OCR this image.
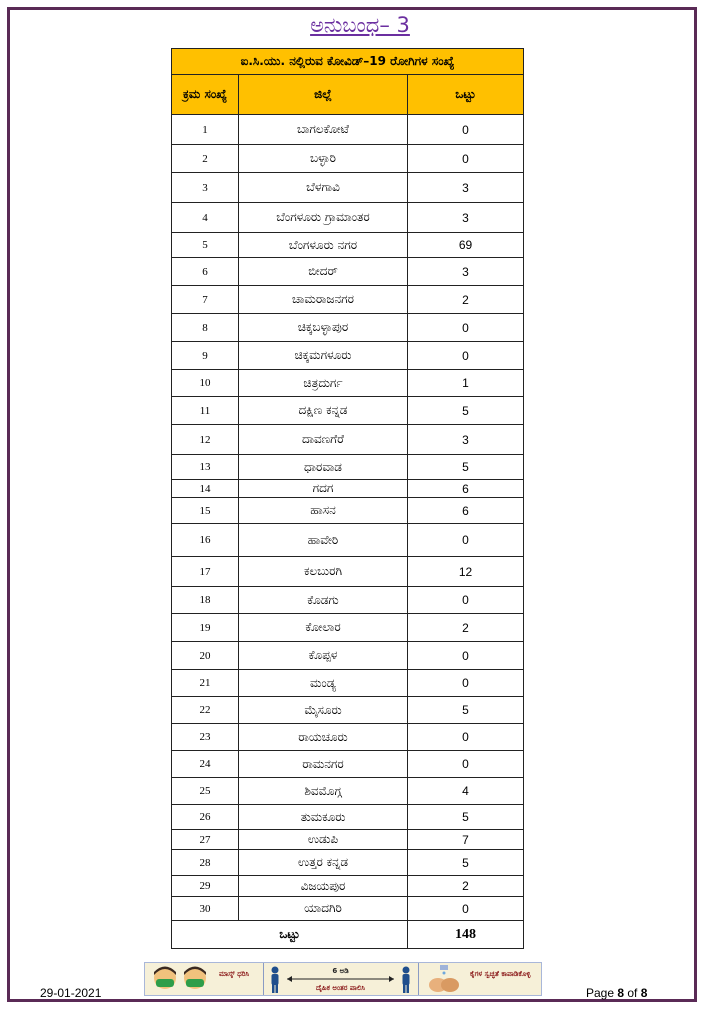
ಅನುಬಂಧ– 3
ಐ.ಸಿ.ಯು. ನಲ್ಲಿರುವ ಕೋವಿಡ್–19 ರೋಗಿಗಳ ಸಂಖ್ಯೆ		
ಕ್ರಮ ಸಂಖ್ಯೆ	ಜಿಲ್ಲೆ	ಒಟ್ಟು
1	ಬಾಗಲಕೋಟೆ	0
2	ಬಳ್ಳಾರಿ	0
3	ಬೆಳಗಾವಿ	3
4	ಬೆಂಗಳೂರು ಗ್ರಾಮಾಂತರ	3
5	ಬೆಂಗಳೂರು ನಗರ	69
6	ಬೀದರ್	3
7	ಚಾಮರಾಜನಗರ	2
8	ಚಿಕ್ಕಬಳ್ಳಾಪುರ	0
9	ಚಿಕ್ಕಮಗಳೂರು	0
10	ಚಿತ್ರದುರ್ಗ	1
11	ದಕ್ಷಿಣ ಕನ್ನಡ	5
12	ದಾವಣಗೆರೆ	3
13	ಧಾರವಾಡ	5
14	ಗದಗ	6
15	ಹಾಸನ	6
16	ಹಾವೇರಿ	0
17	ಕಲಬುರಗಿ	12
18	ಕೊಡಗು	0
19	ಕೋಲಾರ	2
20	ಕೊಪ್ಪಳ	0
21	ಮಂಡ್ಯ	0
22	ಮೈಸೂರು	5
23	ರಾಯಚೂರು	0
24	ರಾಮನಗರ	0
25	ಶಿವಮೊಗ್ಗ	4
26	ತುಮಕೂರು	5
27	ಉಡುಪಿ	7
28	ಉತ್ತರ ಕನ್ನಡ	5
29	ವಿಜಯಪುರ	2
30	ಯಾದಗಿರಿ	0
ಒಟ್ಟು		148
ಮಾಸ್ಕ್ ಧರಿಸಿ	6 ಅಡಿ
ದೈಹಿಕ ಅಂತರ ಪಾಲಿಸಿ
ಕೈಗಳ ಸ್ವಚ್ಛತೆ ಕಾಪಾಡಿಕೊಳ್ಳಿ
29-01-2021	Page 8 of 8
